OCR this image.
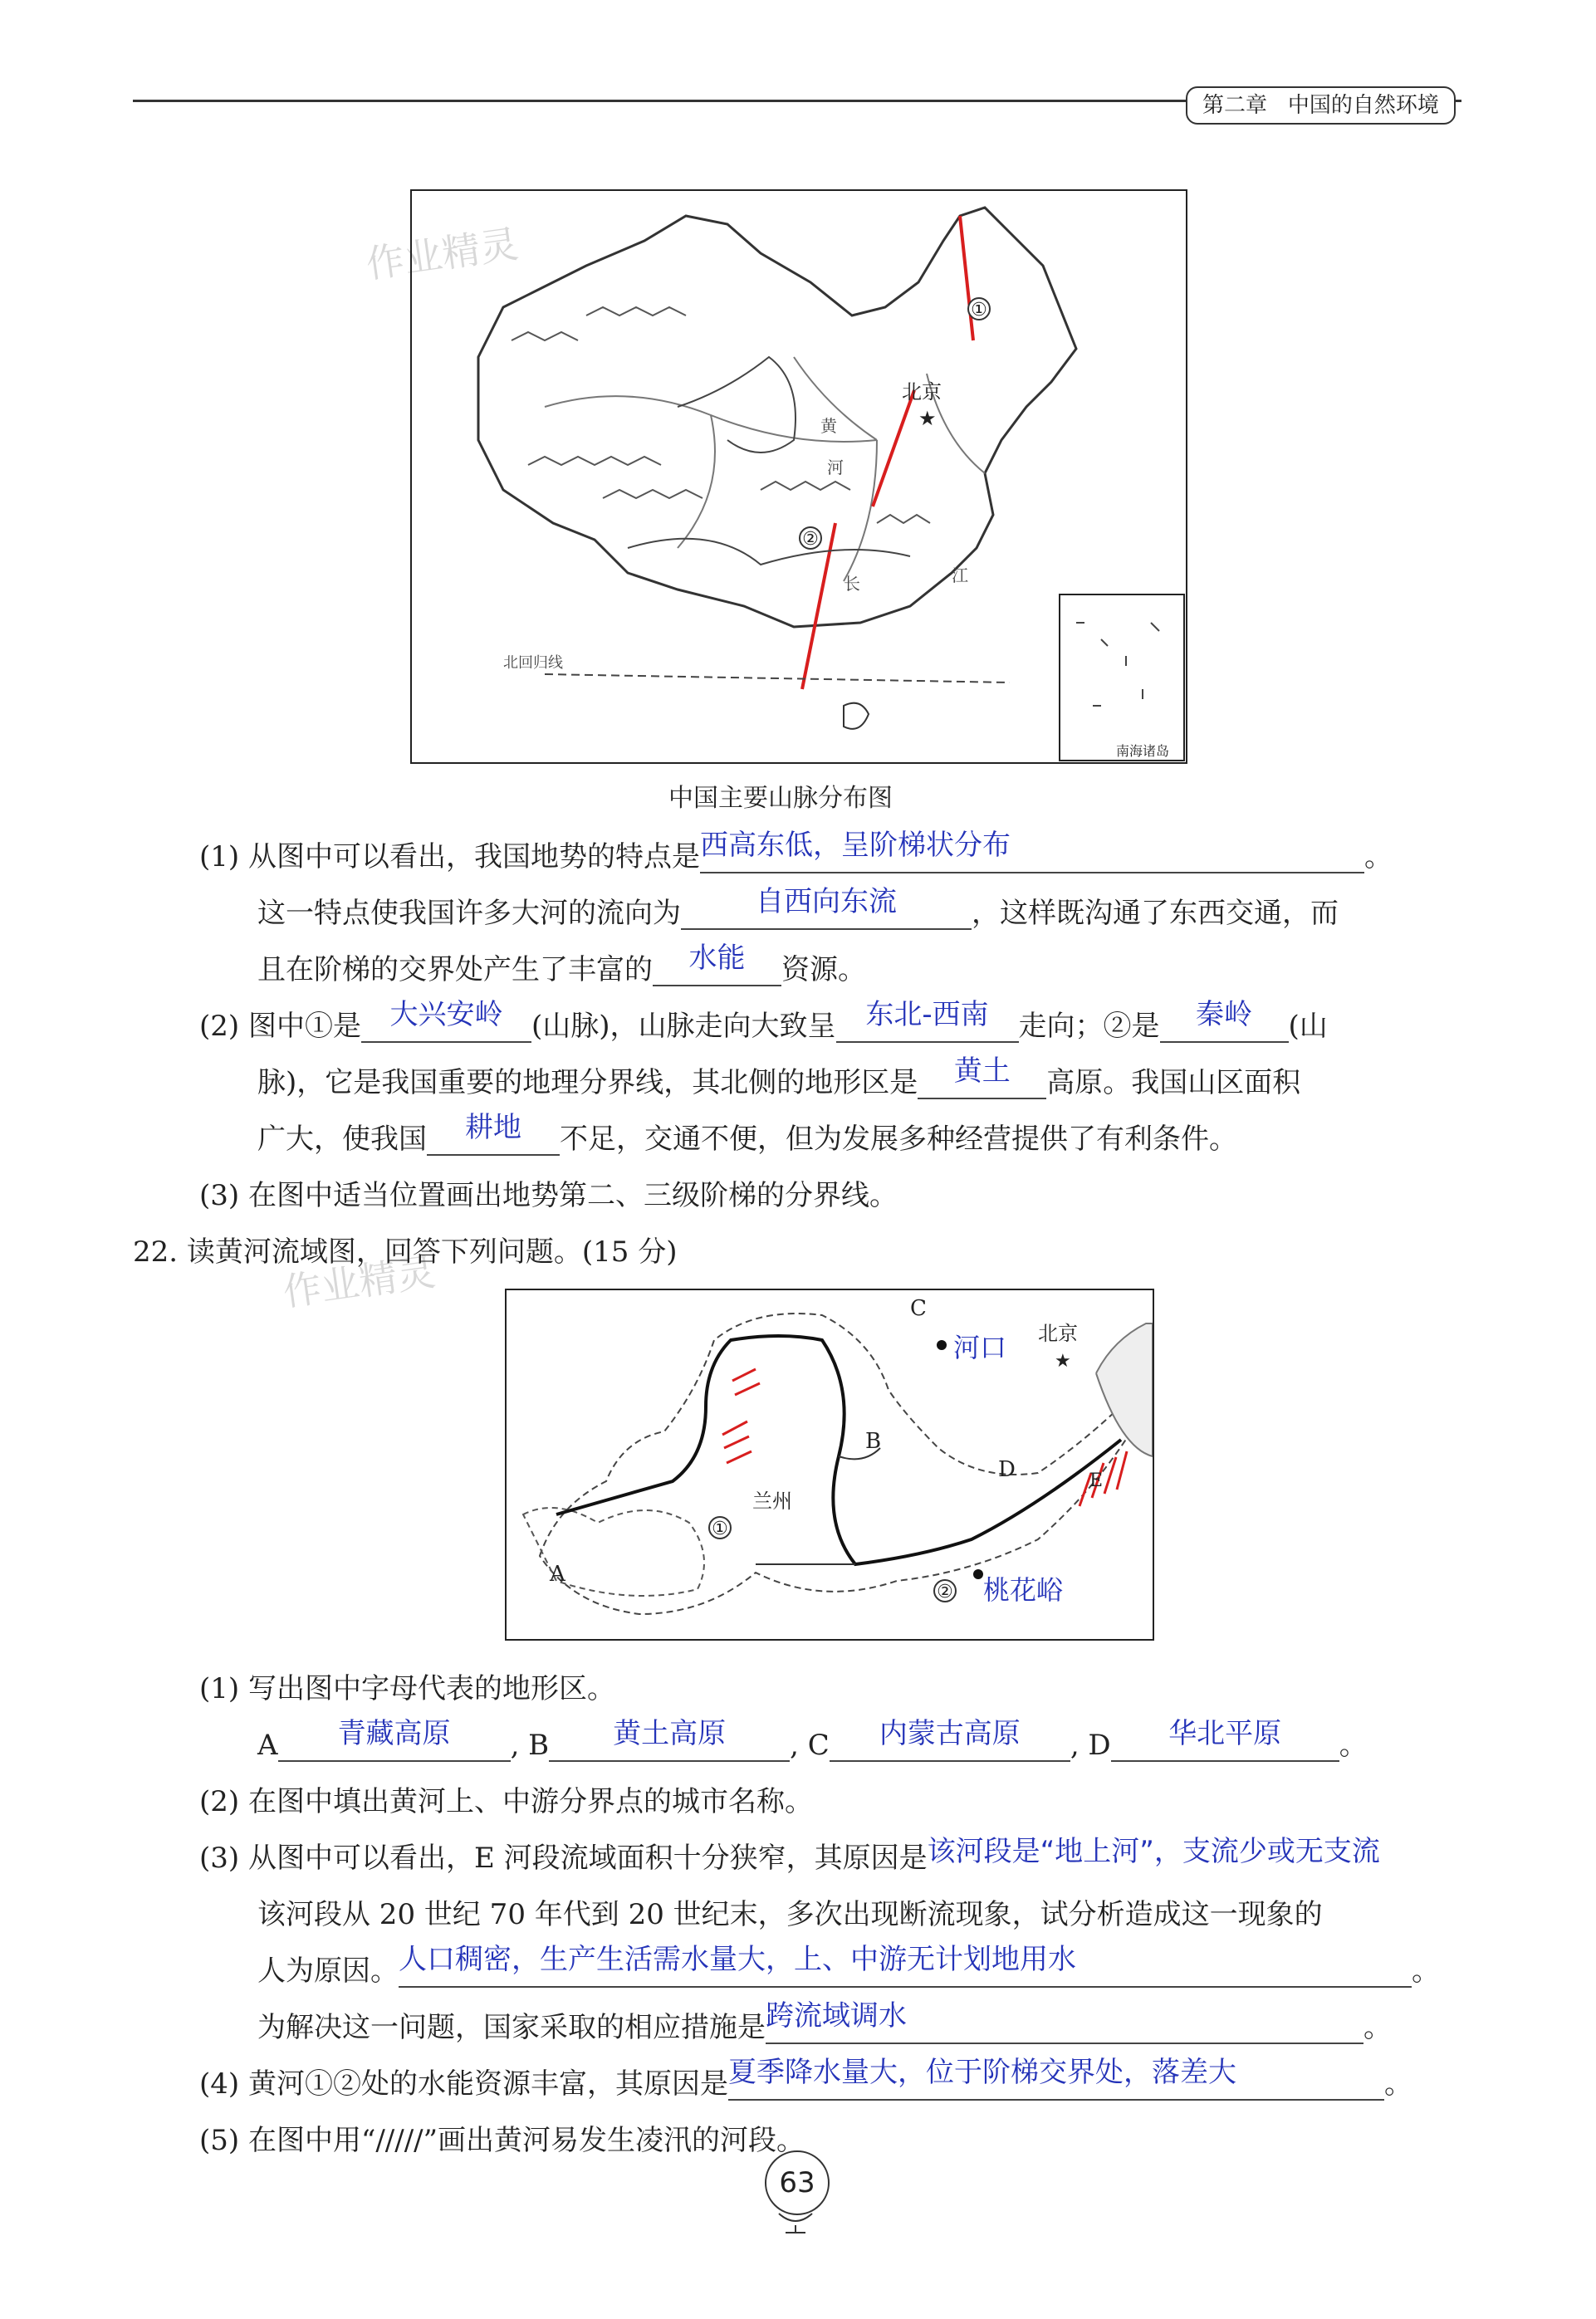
第二章 中国的自然环境
作业精灵
作业精灵
①
②
北京
★
黄
河
长	江
北回归线
南海诸岛
中国主要山脉分布图
(1) 从图中可以看出，我国地势的特点是西高东低，呈阶梯状分布	。
这一特点使我国许多大河的流向为	自西向东流	，这样既沟通了东西交通，而
且在阶梯的交界处产生了丰富的 水能 资源。
(2) 图中①是 大兴安岭 (山脉)，山脉走向大致呈 东北-西南 走向；②是 秦岭 (山
脉)，它是我国重要的地理分界线，其北侧的地形区是 黄土 高原。我国山区面积
广大，使我国 耕地 不足，交通不便，但为发展多种经营提供了有利条件。
(3) 在图中适当位置画出地势第二、三级阶梯的分界线。
22. 读黄河流域图，回答下列问题。(15 分)
①
②
C
B
D
A
E
北京
★
兰州
河口
桃花峪
(1) 写出图中字母代表的地形区。
A 青藏高原 , B 黄土高原 , C 内蒙古高原 , D 华北平原 。
(2) 在图中填出黄河上、中游分界点的城市名称。
(3) 从图中可以看出，E 河段流域面积十分狭窄，其原因是该河段是“地上河”，支流少或无支流
该河段从 20 世纪 70 年代到 20 世纪末，多次出现断流现象，试分析造成这一现象的
人为原因。人口稠密，生产生活需水量大，上、中游无计划地用水	。
为解决这一问题，国家采取的相应措施是跨流域调水	。
(4) 黄河①②处的水能资源丰富，其原因是夏季降水量大，位于阶梯交界处，落差大	。
(5) 在图中用“/////”画出黄河易发生凌汛的河段。
63
